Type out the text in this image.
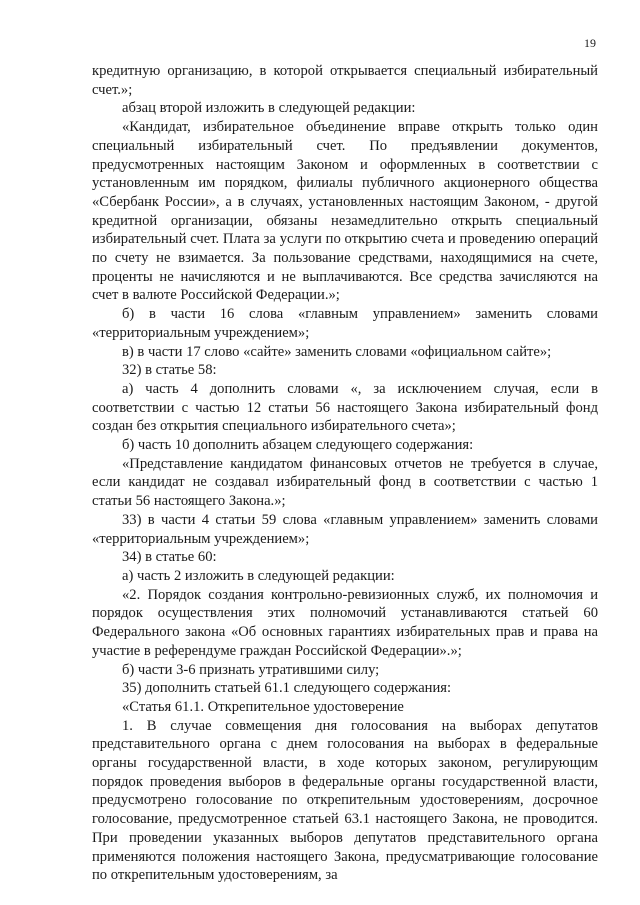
19

кредитную организацию, в которой открывается специальный избирательный счет.»;

абзац второй изложить в следующей редакции:

«Кандидат, избирательное объединение вправе открыть только один специальный избирательный счет. По предъявлении документов, предусмотренных настоящим Законом и оформленных в соответствии с установленным им порядком, филиалы публичного акционерного общества «Сбербанк России», а в случаях, установленных настоящим Законом, - другой кредитной организации, обязаны незамедлительно открыть специальный избирательный счет. Плата за услуги по открытию счета и проведению операций по счету не взимается. За пользование средствами, находящимися на счете, проценты не начисляются и не выплачиваются. Все средства зачисляются на счет в валюте Российской Федерации.»;

б) в части 16 слова «главным управлением» заменить словами «территориальным учреждением»;

в) в части 17 слово «сайте» заменить словами «официальном сайте»;

32) в статье 58:

а) часть 4 дополнить словами «, за исключением случая, если в соответствии с частью 12 статьи 56 настоящего Закона избирательный фонд создан без открытия специального избирательного счета»;

б) часть 10 дополнить абзацем следующего содержания:

«Представление кандидатом финансовых отчетов не требуется в случае, если кандидат не создавал избирательный фонд в соответствии с частью 1 статьи 56 настоящего Закона.»;

33) в части 4 статьи 59 слова «главным управлением» заменить словами «территориальным учреждением»;

34) в статье 60:

а) часть 2 изложить в следующей редакции:

«2. Порядок создания контрольно-ревизионных служб, их полномочия и порядок осуществления этих полномочий устанавливаются статьей 60 Федерального закона «Об основных гарантиях избирательных прав и права на участие в референдуме граждан Российской Федерации».»;

б) части 3-6 признать утратившими силу;

35) дополнить статьей 61.1 следующего содержания:

«Статья 61.1. Открепительное удостоверение

1. В случае совмещения дня голосования на выборах депутатов представительного органа с днем голосования на выборах в федеральные органы государственной власти, в ходе которых законом, регулирующим порядок проведения выборов в федеральные органы государственной власти, предусмотрено голосование по открепительным удостоверениям, досрочное голосование, предусмотренное статьей 63.1 настоящего Закона, не проводится. При проведении указанных выборов депутатов представительного органа применяются положения настоящего Закона, предусматривающие голосование по открепительным удостоверениям, за
